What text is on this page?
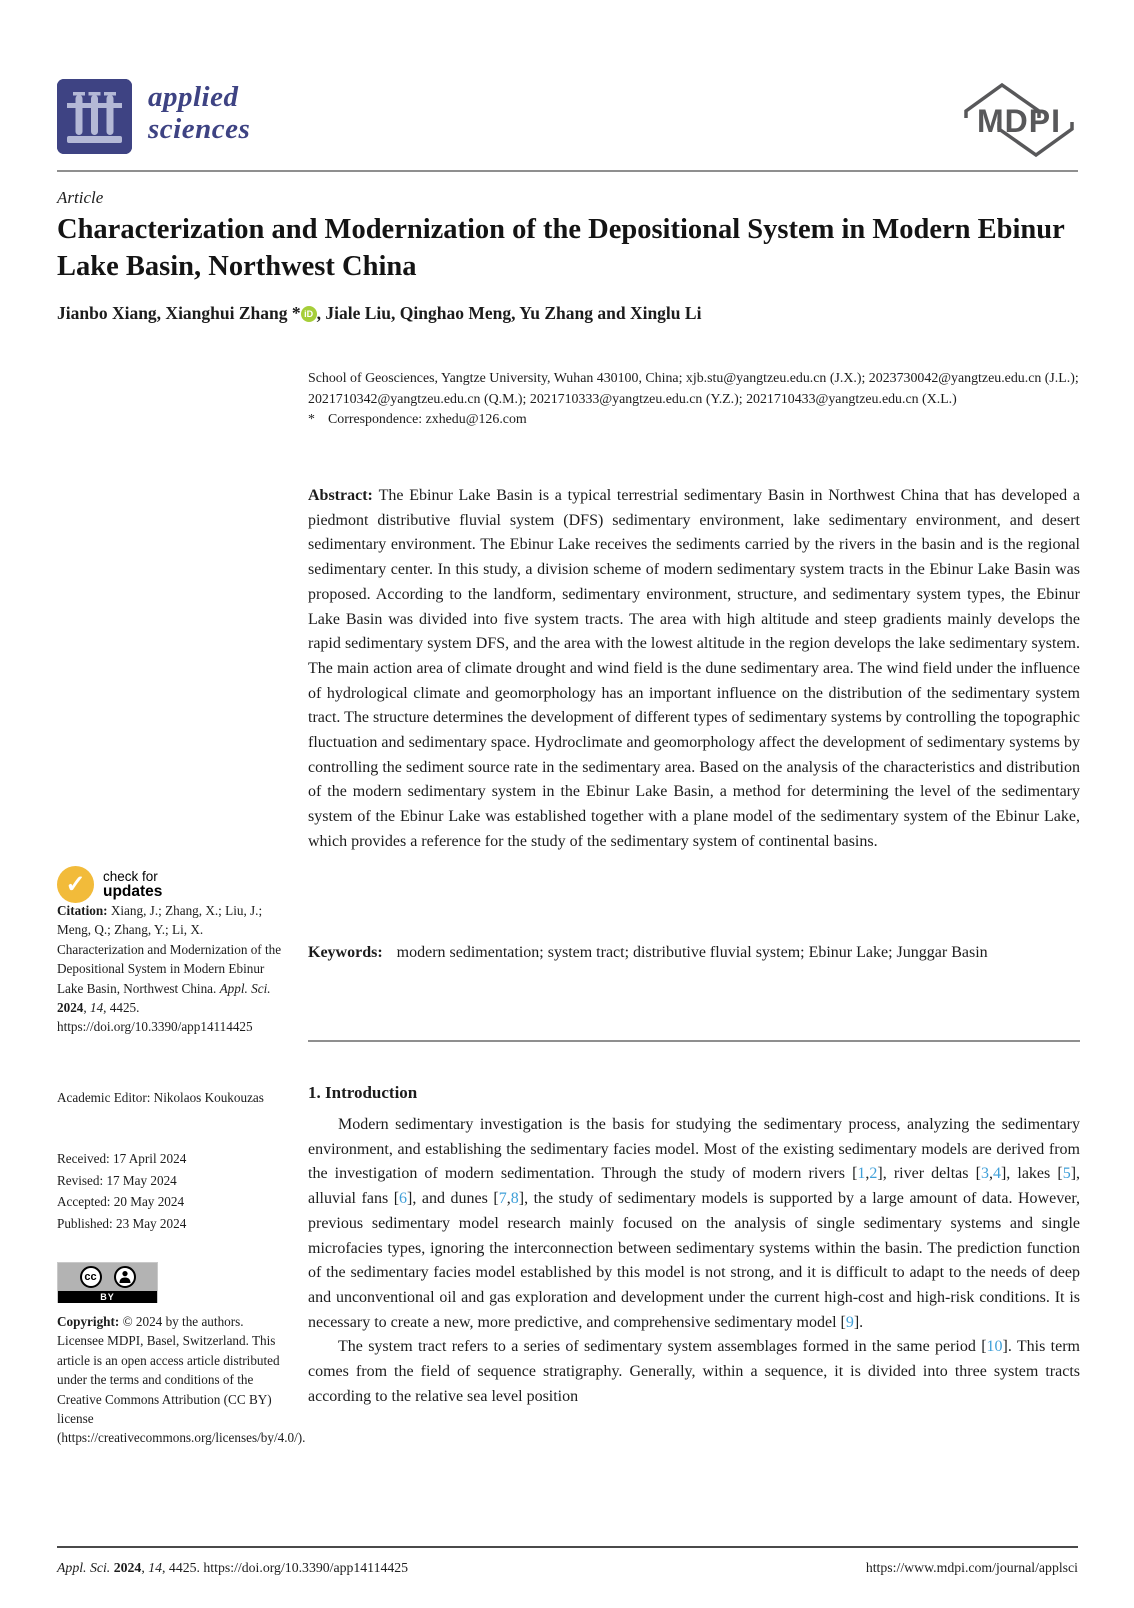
applied
sciences	MDPI
Article
Characterization and Modernization of the Depositional System in Modern Ebinur Lake Basin, Northwest China
Jianbo Xiang, Xianghui Zhang * iD , Jiale Liu, Qinghao Meng, Yu Zhang and Xinglu Li
School of Geosciences, Yangtze University, Wuhan 430100, China; xjb.stu@yangtzeu.edu.cn (J.X.); 2023730042@yangtzeu.edu.cn (J.L.); 2021710342@yangtzeu.edu.cn (Q.M.); 2021710333@yangtzeu.edu.cn (Y.Z.); 2021710433@yangtzeu.edu.cn (X.L.)
* Correspondence: zxhedu@126.com
Abstract: The Ebinur Lake Basin is a typical terrestrial sedimentary Basin in Northwest China that has developed a piedmont distributive fluvial system (DFS) sedimentary environment, lake sedimentary environment, and desert sedimentary environment. The Ebinur Lake receives the sediments carried by the rivers in the basin and is the regional sedimentary center. In this study, a division scheme of modern sedimentary system tracts in the Ebinur Lake Basin was proposed. According to the landform, sedimentary environment, structure, and sedimentary system types, the Ebinur Lake Basin was divided into five system tracts. The area with high altitude and steep gradients mainly develops the rapid sedimentary system DFS, and the area with the lowest altitude in the region develops the lake sedimentary system. The main action area of climate drought and wind field is the dune sedimentary area. The wind field under the influence of hydrological climate and geomorphology has an important influence on the distribution of the sedimentary system tract. The structure determines the development of different types of sedimentary systems by controlling the topographic fluctuation and sedimentary space. Hydroclimate and geomorphology affect the development of sedimentary systems by controlling the sediment source rate in the sedimentary area. Based on the analysis of the characteristics and distribution of the modern sedimentary system in the Ebinur Lake Basin, a method for determining the level of the sedimentary system of the Ebinur Lake was established together with a plane model of the sedimentary system of the Ebinur Lake, which provides a reference for the study of the sedimentary system of continental basins.
Keywords: modern sedimentation; system tract; distributive fluvial system; Ebinur Lake; Junggar Basin
1. Introduction

Modern sedimentary investigation is the basis for studying the sedimentary process, analyzing the sedimentary environment, and establishing the sedimentary facies model. Most of the existing sedimentary models are derived from the investigation of modern sedimentation. Through the study of modern rivers [1,2], river deltas [3,4], lakes [5], alluvial fans [6], and dunes [7,8], the study of sedimentary models is supported by a large amount of data. However, previous sedimentary model research mainly focused on the analysis of single sedimentary systems and single microfacies types, ignoring the interconnection between sedimentary systems within the basin. The prediction function of the sedimentary facies model established by this model is not strong, and it is difficult to adapt to the needs of deep and unconventional oil and gas exploration and development under the current high-cost and high-risk conditions. It is necessary to create a new, more predictive, and comprehensive sedimentary model [9].

The system tract refers to a series of sedimentary system assemblages formed in the same period [10]. This term comes from the field of sequence stratigraphy. Generally, within a sequence, it is divided into three system tracts according to the relative sea level position

✓	check for
updates
Citation: Xiang, J.; Zhang, X.; Liu, J.; Meng, Q.; Zhang, Y.; Li, X. Characterization and Modernization of the Depositional System in Modern Ebinur Lake Basin, Northwest China. Appl. Sci. 2024, 14, 4425. https://doi.org/10.3390/app14114425
Academic Editor: Nikolaos Koukouzas
Received: 17 April 2024
Revised: 17 May 2024
Accepted: 20 May 2024
Published: 23 May 2024
cc
BY
Copyright: © 2024 by the authors. Licensee MDPI, Basel, Switzerland. This article is an open access article distributed under the terms and conditions of the Creative Commons Attribution (CC BY) license (https://creativecommons.org/licenses/by/4.0/).
Appl. Sci. 2024, 14, 4425. https://doi.org/10.3390/app14114425	https://www.mdpi.com/journal/applsci
